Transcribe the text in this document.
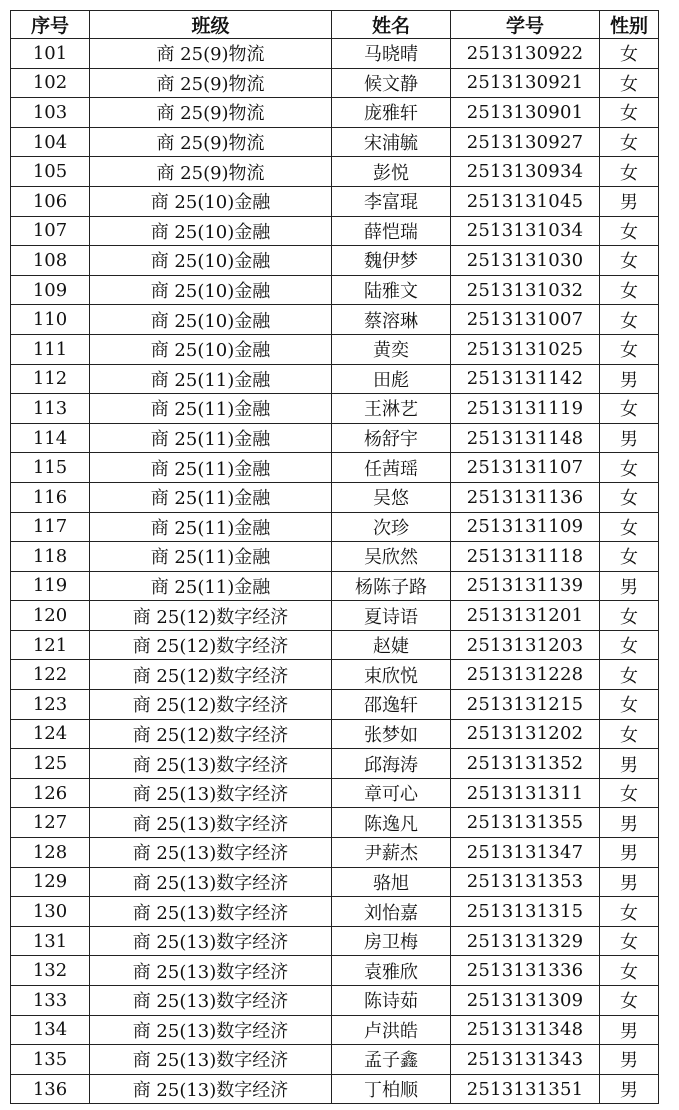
序号	班级	姓名	学号	性别
101	商 25(9)物流	马晓晴	2513130922	女
102	商 25(9)物流	候文静	2513130921	女
103	商 25(9)物流	庞雅轩	2513130901	女
104	商 25(9)物流	宋浦毓	2513130927	女
105	商 25(9)物流	彭悦	2513130934	女
106	商 25(10)金融	李富琨	2513131045	男
107	商 25(10)金融	薛恺瑞	2513131034	女
108	商 25(10)金融	魏伊梦	2513131030	女
109	商 25(10)金融	陆雅文	2513131032	女
110	商 25(10)金融	蔡溶琳	2513131007	女
111	商 25(10)金融	黄奕	2513131025	女
112	商 25(11)金融	田彪	2513131142	男
113	商 25(11)金融	王淋艺	2513131119	女
114	商 25(11)金融	杨舒宇	2513131148	男
115	商 25(11)金融	任茜瑶	2513131107	女
116	商 25(11)金融	吴悠	2513131136	女
117	商 25(11)金融	次珍	2513131109	女
118	商 25(11)金融	吴欣然	2513131118	女
119	商 25(11)金融	杨陈子路	2513131139	男
120	商 25(12)数字经济	夏诗语	2513131201	女
121	商 25(12)数字经济	赵婕	2513131203	女
122	商 25(12)数字经济	束欣悦	2513131228	女
123	商 25(12)数字经济	邵逸轩	2513131215	女
124	商 25(12)数字经济	张梦如	2513131202	女
125	商 25(13)数字经济	邱海涛	2513131352	男
126	商 25(13)数字经济	章可心	2513131311	女
127	商 25(13)数字经济	陈逸凡	2513131355	男
128	商 25(13)数字经济	尹薪杰	2513131347	男
129	商 25(13)数字经济	骆旭	2513131353	男
130	商 25(13)数字经济	刘怡嘉	2513131315	女
131	商 25(13)数字经济	房卫梅	2513131329	女
132	商 25(13)数字经济	袁雅欣	2513131336	女
133	商 25(13)数字经济	陈诗茹	2513131309	女
134	商 25(13)数字经济	卢洪皓	2513131348	男
135	商 25(13)数字经济	孟子鑫	2513131343	男
136	商 25(13)数字经济	丁柏顺	2513131351	男
